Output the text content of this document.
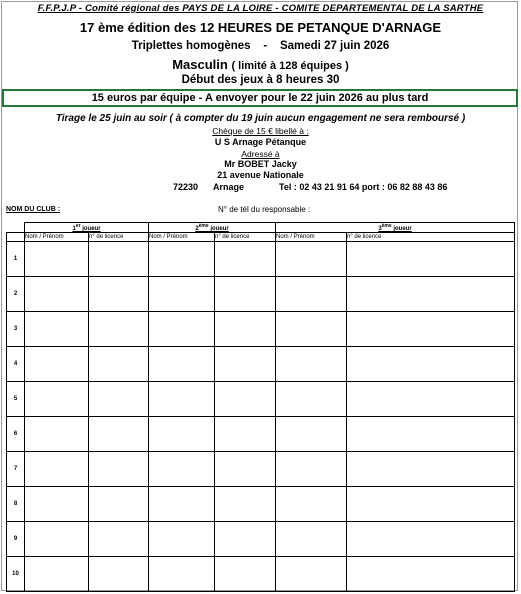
F.F.P.J.P - Comité régional des PAYS DE LA LOIRE - COMITE DEPARTEMENTAL DE LA SARTHE
17 ème édition des 12 HEURES DE PETANQUE D'ARNAGE
Triplettes homogènes - Samedi 27 juin 2026
Masculin ( limité à 128 équipes )
Début des jeux à 8 heures 30
15 euros par équipe - A envoyer pour le 22 juin 2026 au plus tard
Tirage le 25 juin au soir ( à compter du 19 juin aucun engagement ne sera remboursé )
Chèque de 15 € libellé à :
U S Arnage Pétanque
Adressé à
Mr BOBET Jacky
21 avenue Nationale
72230 Arnage	Tel : 02 43 21 91 64 port : 06 82 88 43 86
NOM DU CLUB :	N° de tél du responsable :
	1er joueur		2ème joueur		3ème joueur	
	Nom / Prénom	n° de licence	Nom / Prénom	n° de licence	Nom / Prénom	n° de licence
1						
2						
3						
4						
5						
6						
7						
8						
9						
10						
